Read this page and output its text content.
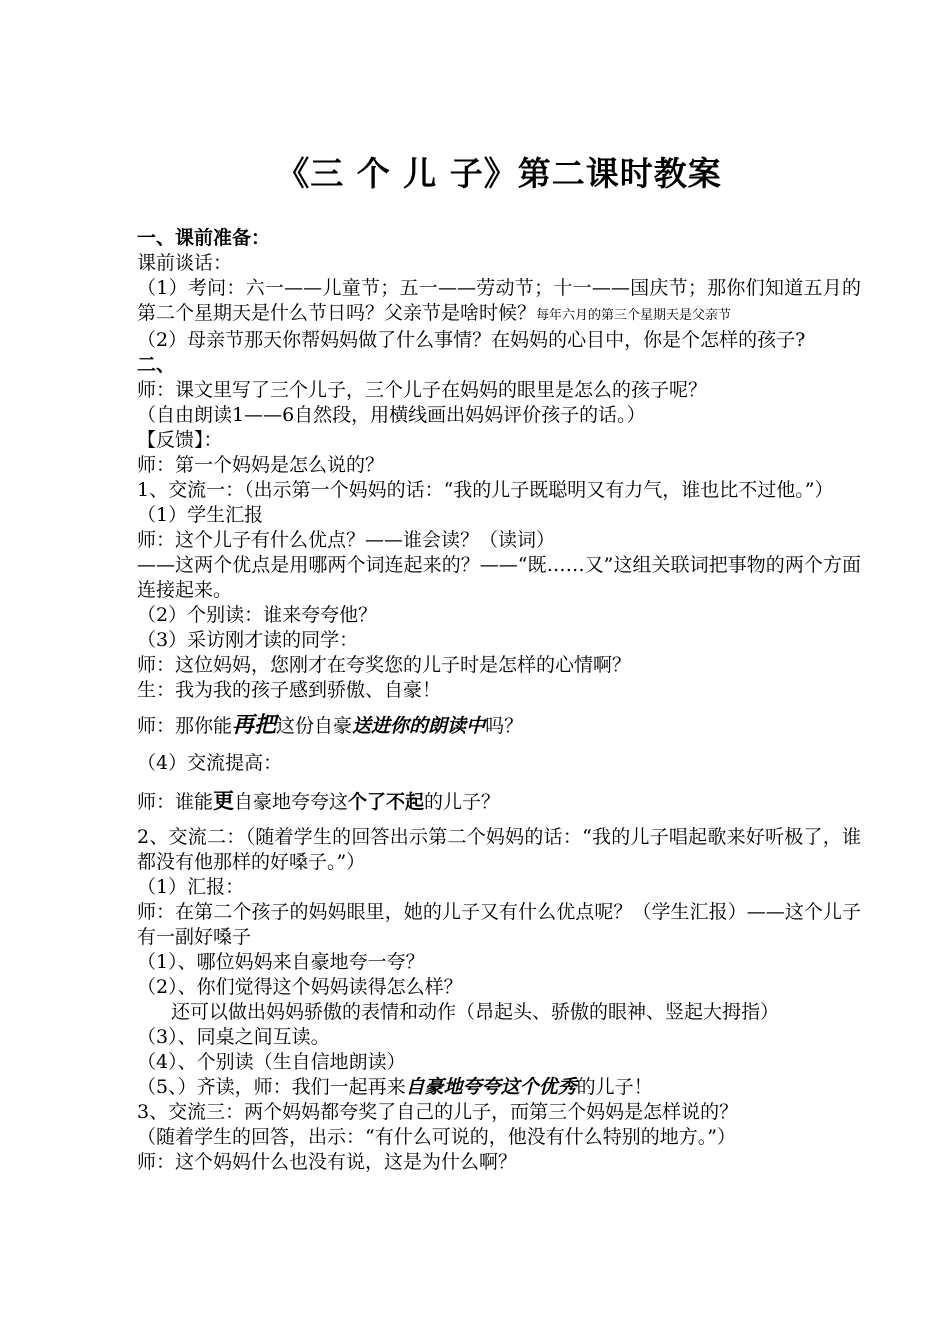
《三 个 儿 子》第二课时教案

一、课前准备：

课前谈话：

（1）考问：六一——儿童节；五一——劳动节；十一——国庆节；那你们知道五月的第二个星期天是什么节日吗？父亲节是啥时候？每年六月的第三个星期天是父亲节

（2）母亲节那天你帮妈妈做了什么事情？在妈妈的心目中，你是个怎样的孩子?

二、

师：课文里写了三个儿子，三个儿子在妈妈的眼里是怎么的孩子呢？

（自由朗读1——6自然段，用横线画出妈妈评价孩子的话。）

【反馈】：

师：第一个妈妈是怎么说的？

1、交流一：（出示第一个妈妈的话：“我的儿子既聪明又有力气，谁也比不过他。”）

（1）学生汇报

师：这个儿子有什么优点？——谁会读？（读词）

——这两个优点是用哪两个词连起来的？——“既……又”这组关联词把事物的两个方面连接起来。

（2）个别读：谁来夸夸他？

（3）采访刚才读的同学：

师：这位妈妈，您刚才在夸奖您的儿子时是怎样的心情啊？

生：我为我的孩子感到骄傲、自豪！

师：那你能再把这份自豪送进你的朗读中吗？

（4）交流提高：

师：谁能更自豪地夸夸这个了不起的儿子？

2、交流二：（随着学生的回答出示第二个妈妈的话：“我的儿子唱起歌来好听极了，谁都没有他那样的好嗓子。”）

（1）汇报：

师：在第二个孩子的妈妈眼里，她的儿子又有什么优点呢？（学生汇报）——这个儿子有一副好嗓子

（1）、哪位妈妈来自豪地夸一夸？

（2）、你们觉得这个妈妈读得怎么样？

还可以做出妈妈骄傲的表情和动作（昂起头、骄傲的眼神、竖起大拇指）

（3）、同桌之间互读。

（4）、个别读（生自信地朗读）

（5、）齐读，师：我们一起再来自豪地夸夸这个优秀的儿子！

3、交流三：两个妈妈都夸奖了自己的儿子，而第三个妈妈是怎样说的？

（随着学生的回答，出示：“有什么可说的，他没有什么特别的地方。”）

师：这个妈妈什么也没有说，这是为什么啊？
